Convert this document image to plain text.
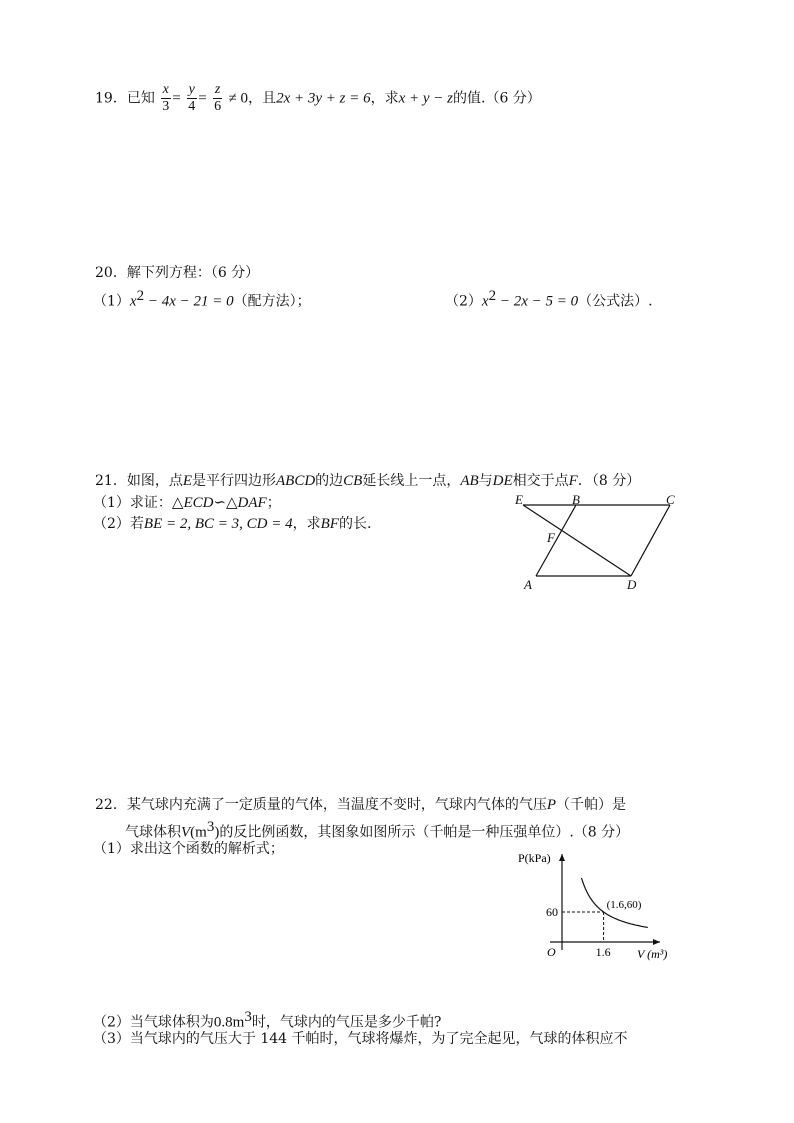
19．已知 $\frac{x}{3} = \frac{y}{4} = \frac{z}{6} \ne 0$，且2x + 3y + z = 6，求x + y − z的值.（6 分）
20．解下列方程：（6 分）
$(1)x^2 - 4x - 21 = 0$（配方法）；	$(2)x^2 - 2x - 5 = 0$（公式法）.
21．如图，点E是平行四边形ABCD的边CB延长线上一点，AB与DE相交于点F．（8 分）
（1）求证：△ECD∽△DAF；
（2）若BE = 2, BC = 3, CD = 4，求BF的长.
E	B	C
F
A	D
22．某气球内充满了一定质量的气体，当温度不变时，气球内气体的气压P（千帕）是
气球体积$V(m^3)$的反比例函数，其图象如图所示（千帕是一种压强单位）.（8 分）
（1）求出这个函数的解析式；
P(kPa)
V (m³)
O
60
1.6
(1.6,60)
（2）当气球体积为$0.8m^3$时，气球内的气压是多少千帕?
（3）当气球内的气压大于 144 千帕时，气球将爆炸，为了完全起见，气球的体积应不
